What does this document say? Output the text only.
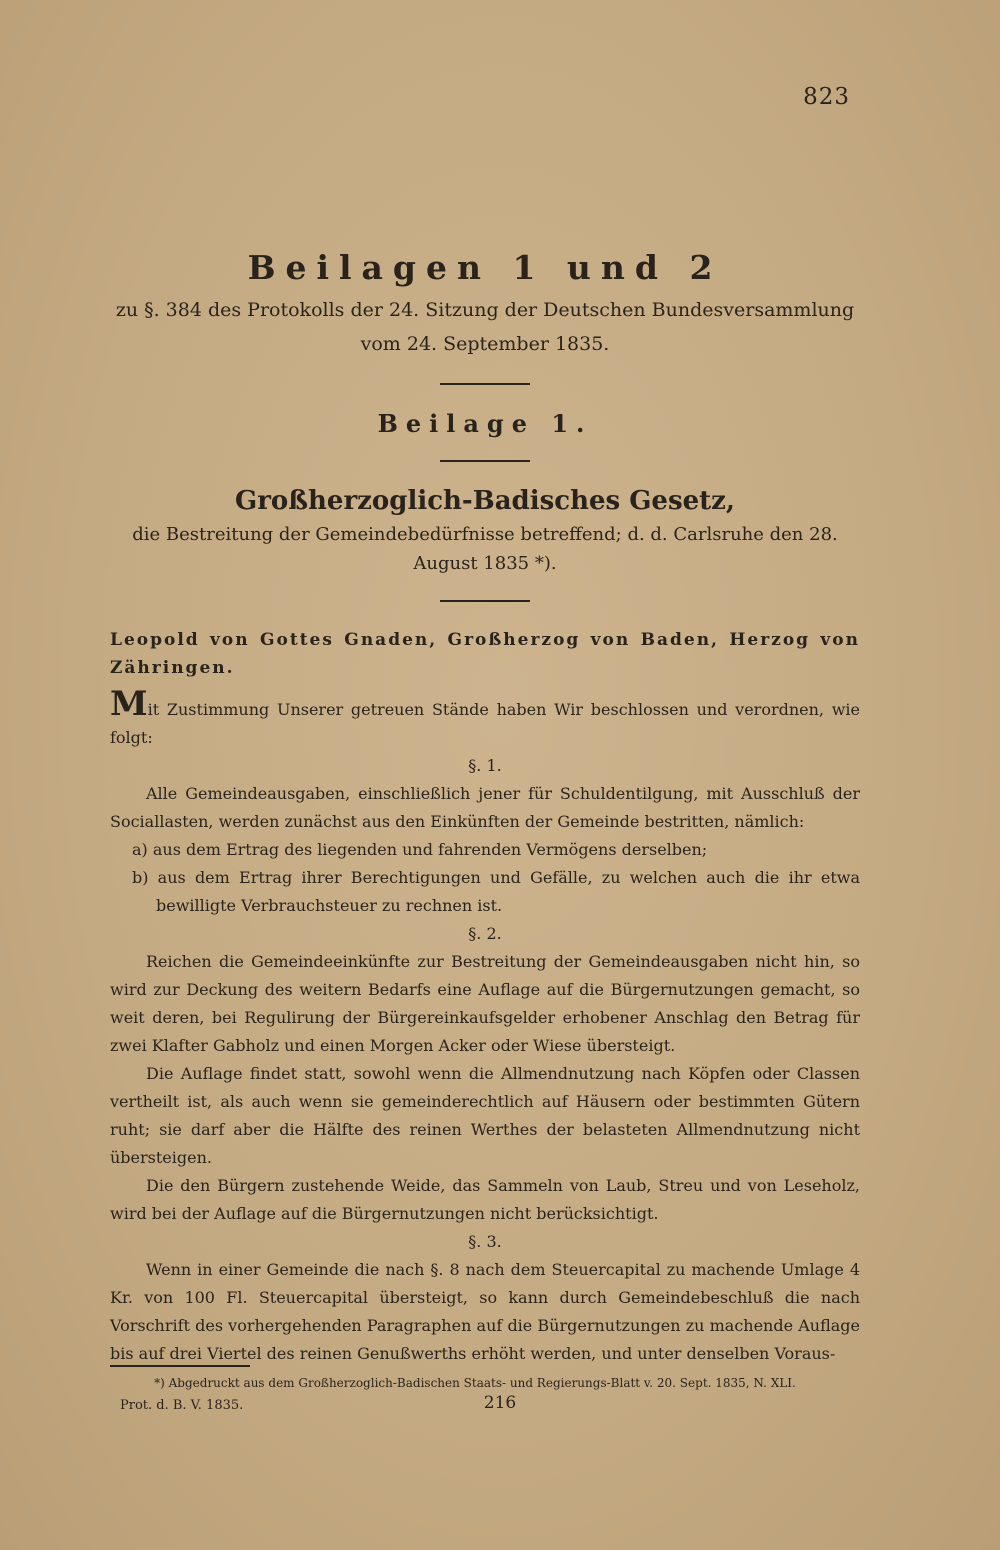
823
Beilagen 1 und 2
zu §. 384 des Protokolls der 24. Sitzung der Deutschen Bundesversammlung
vom 24. September 1835.
Beilage 1.
Großherzoglich-Badisches Gesetz,
die Bestreitung der Gemeindebedürfnisse betreffend; d. d. Carlsruhe den 28.
August 1835 *).
Leopold von Gottes Gnaden, Großherzog von Baden, Herzog von Zähringen.
Mit Zustimmung Unserer getreuen Stände haben Wir beschlossen und verordnen, wie folgt:
§. 1.

Alle Gemeindeausgaben, einschließlich jener für Schuldentilgung, mit Ausschluß der Sociallasten, werden zunächst aus den Einkünften der Gemeinde bestritten, nämlich:

a) aus dem Ertrag des liegenden und fahrenden Vermögens derselben;

b) aus dem Ertrag ihrer Berechtigungen und Gefälle, zu welchen auch die ihr etwa bewilligte Verbrauchsteuer zu rechnen ist.

§. 2.

Reichen die Gemeindeeinkünfte zur Bestreitung der Gemeindeausgaben nicht hin, so wird zur Deckung des weitern Bedarfs eine Auflage auf die Bürgernutzungen gemacht, so weit deren, bei Regulirung der Bürgereinkaufsgelder erhobener Anschlag den Betrag für zwei Klafter Gabholz und einen Morgen Acker oder Wiese übersteigt.

Die Auflage findet statt, sowohl wenn die Allmendnutzung nach Köpfen oder Classen vertheilt ist, als auch wenn sie gemeinderechtlich auf Häusern oder bestimmten Gütern ruht; sie darf aber die Hälfte des reinen Werthes der belasteten Allmendnutzung nicht übersteigen.

Die den Bürgern zustehende Weide, das Sammeln von Laub, Streu und von Leseholz, wird bei der Auflage auf die Bürgernutzungen nicht berücksichtigt.

§. 3.

Wenn in einer Gemeinde die nach §. 8 nach dem Steuercapital zu machende Umlage 4 Kr. von 100 Fl. Steuercapital übersteigt, so kann durch Gemeindebeschluß die nach Vorschrift des vorhergehenden Paragraphen auf die Bürgernutzungen zu machende Auflage bis auf drei Viertel des reinen Genußwerths erhöht werden, und unter denselben Voraus-

*) Abgedruckt aus dem Großherzoglich-Badischen Staats- und Regierungs-Blatt v. 20. Sept. 1835, N. XLI.
Prot. d. B. V. 1835.	216
